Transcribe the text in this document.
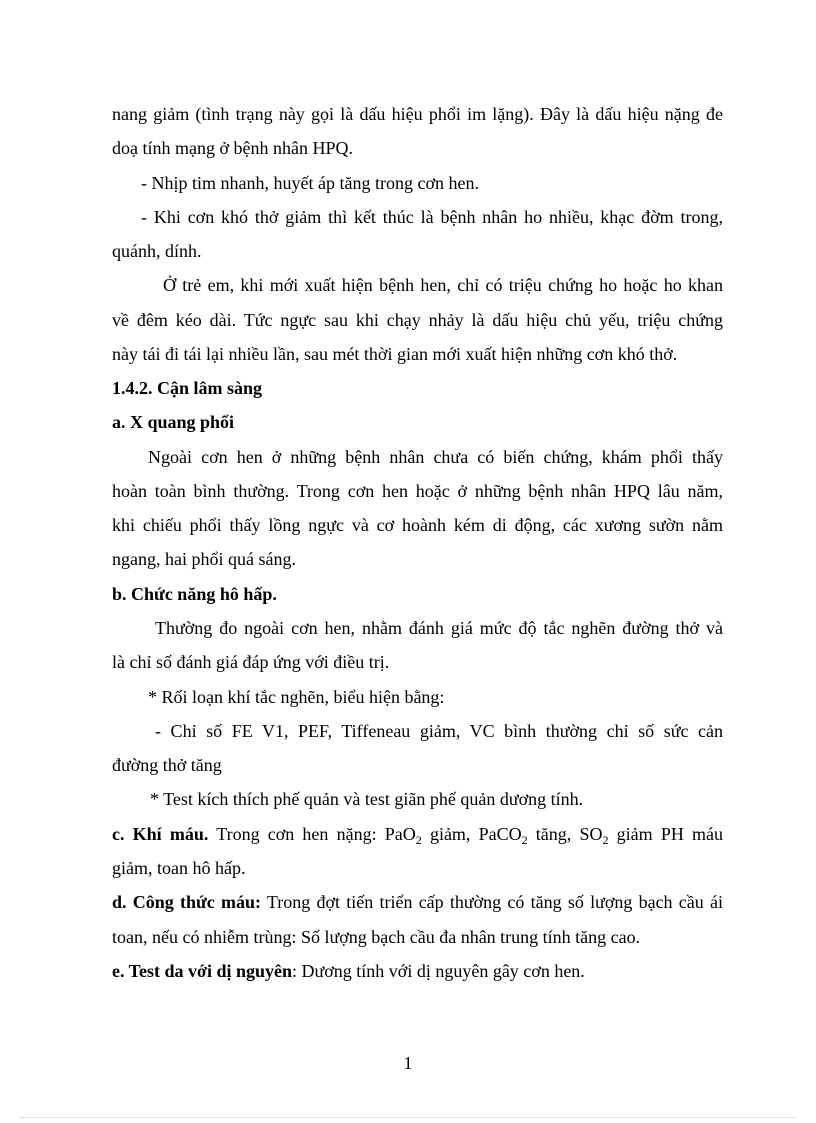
nang giảm (tình trạng này gọi là dấu hiệu phổi im lặng). Đây là dấu hiệu nặng đe
doạ tính mạng ở bệnh nhân HPQ.
- Nhịp tim nhanh, huyết áp tăng trong cơn hen.
- Khi cơn khó thở giảm thì kết thúc là bệnh nhân ho nhiều, khạc đờm trong,
quánh, dính.
Ở trẻ em, khi mới xuất hiện bệnh hen, chỉ có triệu chứng ho hoặc ho khan
về đêm kéo dài. Tức ngực sau khi chạy nhảy là dấu hiệu chủ yếu, triệu chứng
này tái đi tái lại nhiều lần, sau mét thời gian mới xuất hiện những cơn khó thở.
1.4.2. Cận lâm sàng
a. X quang phổi
Ngoài cơn hen ở những bệnh nhân chưa có biến chứng, khám phổi thấy
hoàn toàn bình thường. Trong cơn hen hoặc ở những bệnh nhân HPQ lâu năm,
khi chiếu phổi thấy lồng ngực và cơ hoành kém di động, các xương sườn nằm
ngang, hai phổi quá sáng.
b. Chức năng hô hấp.
Thường đo ngoài cơn hen, nhằm đánh giá mức độ tắc nghẽn đường thở và
là chỉ số đánh giá đáp ứng với điều trị.
* Rối loạn khí tắc nghẽn, biểu hiện bằng:
- Chỉ số FE V1, PEF, Tiffeneau giảm, VC bình thường chỉ số sức cản
đường thở tăng
* Test kích thích phế quản và test giãn phế quản dương tính.
c. Khí máu. Trong cơn hen nặng: PaO$_2$ giảm, PaCO$_2$ tăng, $SO_2$ giảm PH máu
giảm, toan hô hấp.
d. Công thức máu: Trong đợt tiến triển cấp thường có tăng số lượng bạch cầu ái
toan, nếu có nhiễm trùng: Số lượng bạch cầu đa nhân trung tính tăng cao.
e. Test da với dị nguyên: Dương tính với dị nguyên gây cơn hen.
1
